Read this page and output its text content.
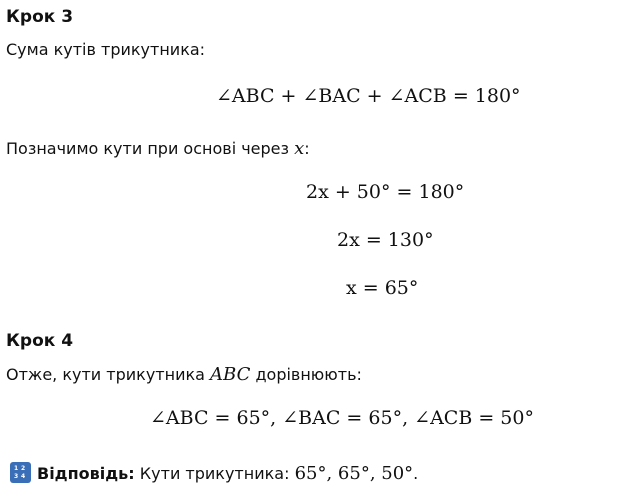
Крок 3
Сума кутів трикутника:
∠ABC + ∠BAC + ∠ACB = 180°
Позначимо кути при основі через x:
2x + 50° = 180°
2x = 130°
x = 65°
Крок 4
Отже, кути трикутника ABC дорівнюють:
∠ABC = 65°, ∠BAC = 65°, ∠ACB = 50°
1 2
3 4 Відповідь: Кути трикутника: 65°, 65°, 50°.
